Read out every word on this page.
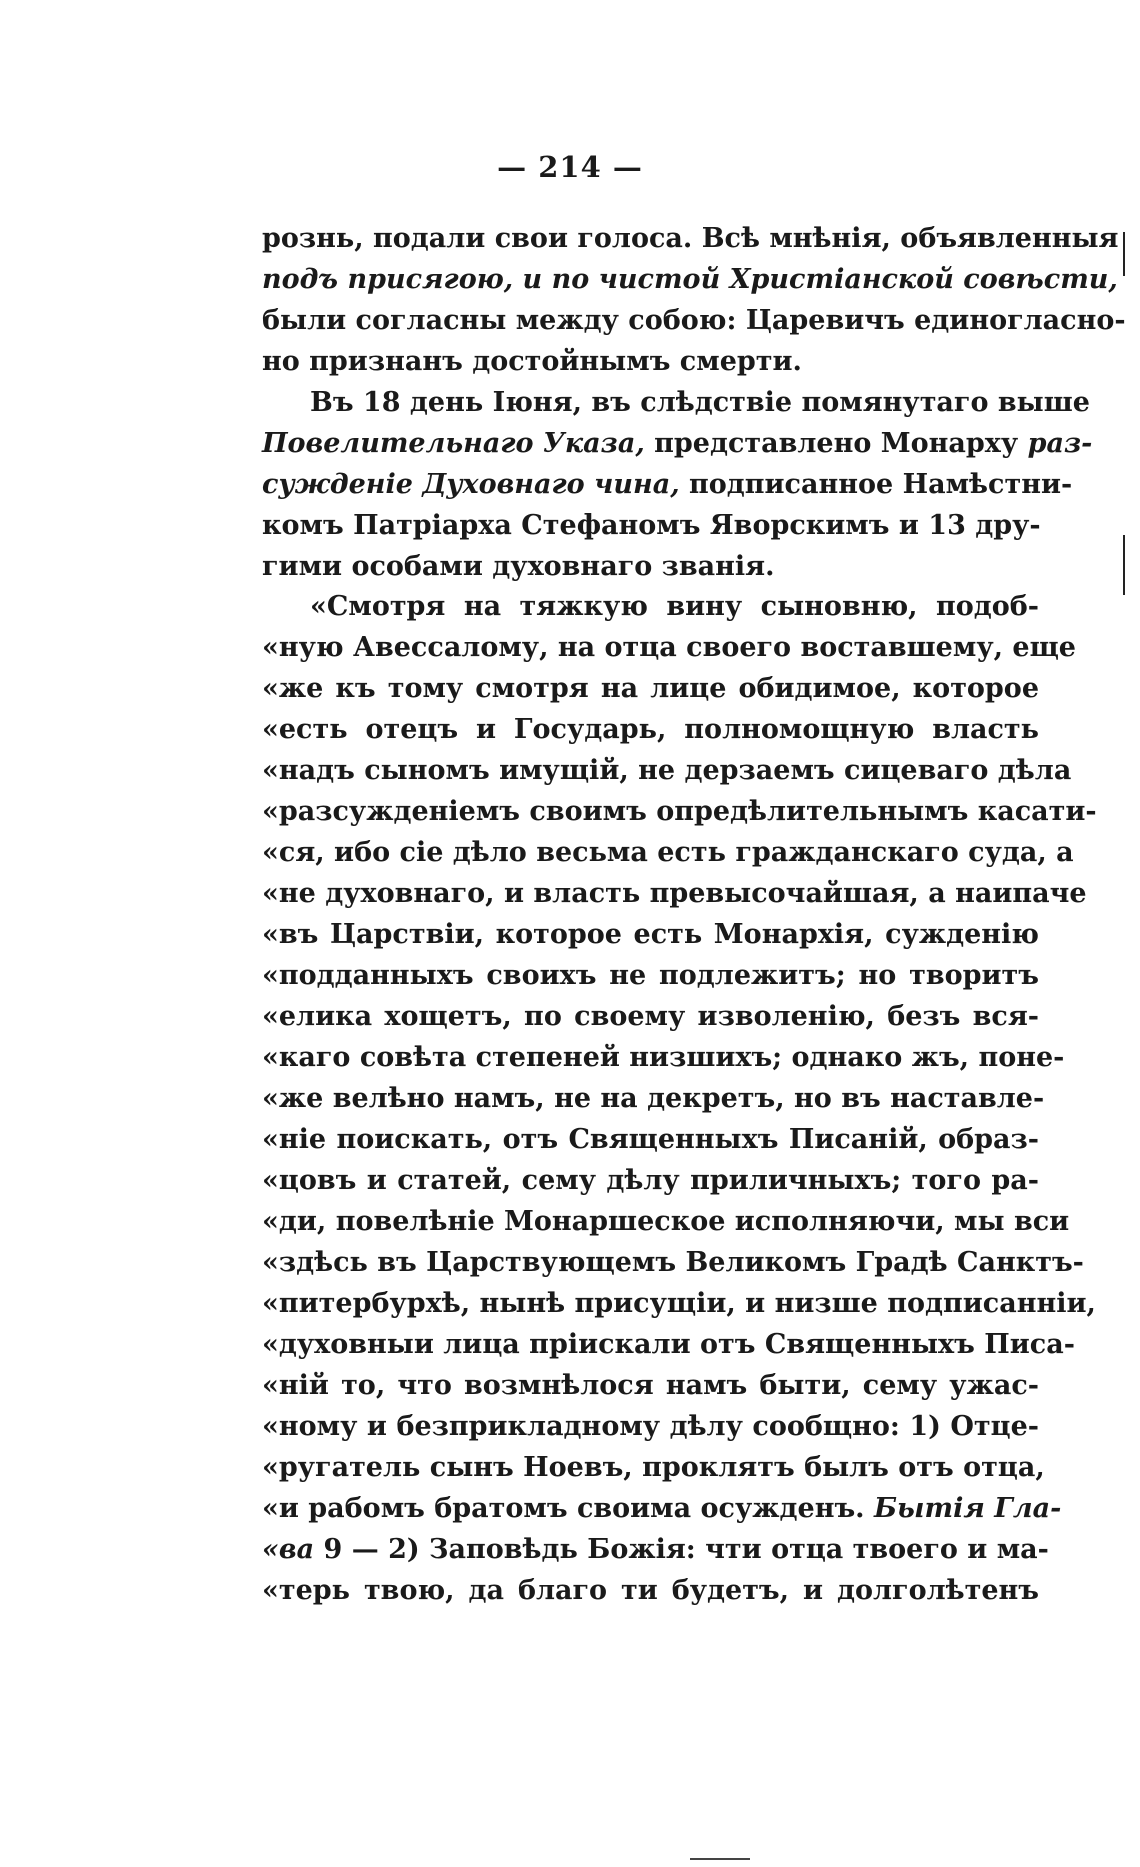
— 214 —
рознь, подали свои голоса. Всѣ мнѣнія, объявленныя
подъ присягою, и по чистой Христіанской совѣсти,
были согласны между собою: Царевичъ единогласно-
но признанъ достойнымъ смерти.
Въ 18 день Іюня, въ слѣдствіе помянутаго выше
Повелительнаго Указа, представлено Монарху раз-
сужденіе Духовнаго чина, подписанное Намѣстни-
комъ Патріарха Стефаномъ Яворскимъ и 13 дру-
гими особами духовнаго званія.
«Смотря на тяжкую вину сыновню, подоб-
«ную Авессалому, на отца своего воставшему, еще
«же къ тому смотря на лице обидимое, которое
«есть отецъ и Государь, полномощную власть
«надъ сыномъ имущій, не дерзаемъ сицеваго дѣла
«разсужденіемъ своимъ опредѣлительнымъ касати-
«ся, ибо сіе дѣло весьма есть гражданскаго суда, а
«не духовнаго, и власть превысочайшая, а наипаче
«въ Царствіи, которое есть Монархія, сужденію
«подданныхъ своихъ не подлежитъ; но творитъ
«елика хощетъ, по своему изволенію, безъ вся-
«каго совѣта степеней низшихъ; однако жъ, поне-
«же велѣно намъ, не на декретъ, но въ наставле-
«ніе поискать, отъ Священныхъ Писаній, образ-
«цовъ и статей, сему дѣлу приличныхъ; того ра-
«ди, повелѣніе Монаршеское исполняючи, мы вси
«здѣсь въ Царствующемъ Великомъ Градѣ Санктъ-
«питербурхѣ, нынѣ присущіи, и низше подписанніи,
«духовныи лица пріискали отъ Священныхъ Писа-
«ній то, что возмнѣлося намъ быти, сему ужас-
«ному и безприкладному дѣлу сообщно: 1) Отце-
«ругатель сынъ Ноевъ, проклятъ былъ отъ отца,
«и рабомъ братомъ своима осужденъ. Бытія Гла-
«ва 9 — 2) Заповѣдь Божія: чти отца твоего и ма-
«терь твою, да благо ти будетъ, и долголѣтенъ
